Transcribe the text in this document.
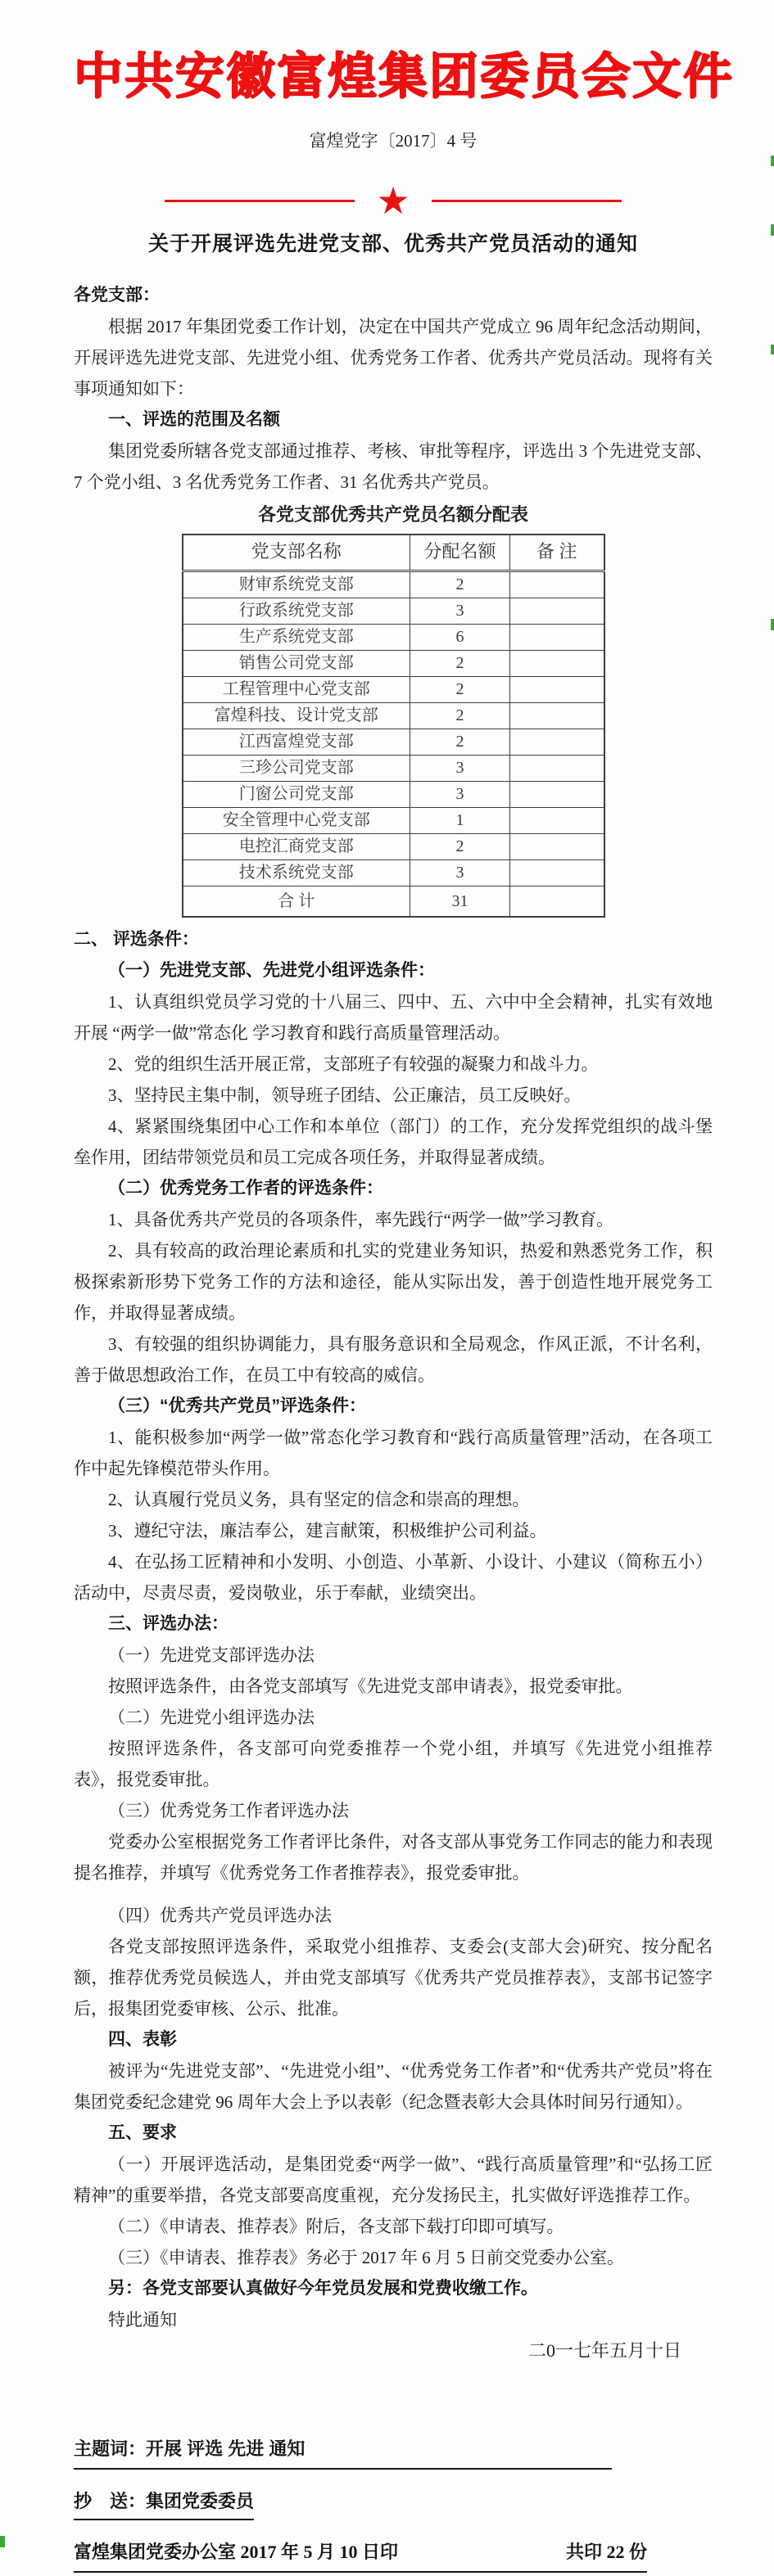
中共安徽富煌集团委员会文件
富煌党字〔2017〕4 号
★
关于开展评选先进党支部、优秀共产党员活动的通知

各党支部：

根据 2017 年集团党委工作计划，决定在中国共产党成立 96 周年纪念活动期间，开展评选先进党支部、先进党小组、优秀党务工作者、优秀共产党员活动。现将有关事项通知如下：

一、评选的范围及名额

集团党委所辖各党支部通过推荐、考核、审批等程序，评选出 3 个先进党支部、7 个党小组、3 名优秀党务工作者、31 名优秀共产党员。

各党支部优秀共产党员名额分配表
党支部名称	分配名额	备 注
财审系统党支部	2	
行政系统党支部	3	
生产系统党支部	6	
销售公司党支部	2	
工程管理中心党支部	2	
富煌科技、设计党支部	2	
江西富煌党支部	2	
三珍公司党支部	3	
门窗公司党支部	3	
安全管理中心党支部	1	
电控汇商党支部	2	
技术系统党支部	3	
合 计	31	

二、 评选条件：

（一）先进党支部、先进党小组评选条件：

1、认真组织党员学习党的十八届三、四中、五、六中中全会精神，扎实有效地开展 “两学一做”常态化 学习教育和践行高质量管理活动。

2、党的组织生活开展正常，支部班子有较强的凝聚力和战斗力。

3、坚持民主集中制，领导班子团结、公正廉洁，员工反映好。

4、紧紧围绕集团中心工作和本单位（部门）的工作，充分发挥党组织的战斗堡垒作用，团结带领党员和员工完成各项任务，并取得显著成绩。

（二）优秀党务工作者的评选条件：

1、具备优秀共产党员的各项条件，率先践行“两学一做”学习教育。

2、具有较高的政治理论素质和扎实的党建业务知识，热爱和熟悉党务工作，积极探索新形势下党务工作的方法和途径，能从实际出发，善于创造性地开展党务工作，并取得显著成绩。

3、有较强的组织协调能力，具有服务意识和全局观念，作风正派，不计名利，善于做思想政治工作，在员工中有较高的威信。

（三）“优秀共产党员”评选条件：

1、能积极参加“两学一做”常态化学习教育和“践行高质量管理”活动，在各项工作中起先锋模范带头作用。

2、认真履行党员义务，具有坚定的信念和崇高的理想。

3、遵纪守法，廉洁奉公，建言献策，积极维护公司利益。

4、在弘扬工匠精神和小发明、小创造、小革新、小设计、小建议（简称五小）活动中，尽责尽责，爱岗敬业，乐于奉献，业绩突出。

三、评选办法：

（一）先进党支部评选办法

按照评选条件，由各党支部填写《先进党支部申请表》，报党委审批。

（二）先进党小组评选办法

按照评选条件，各支部可向党委推荐一个党小组，并填写《先进党小组推荐表》，报党委审批。

（三）优秀党务工作者评选办法

党委办公室根据党务工作者评比条件，对各支部从事党务工作同志的能力和表现提名推荐，并填写《优秀党务工作者推荐表》，报党委审批。

（四）优秀共产党员评选办法

各党支部按照评选条件，采取党小组推荐、支委会(支部大会)研究、按分配名额，推荐优秀党员候选人，并由党支部填写《优秀共产党员推荐表》，支部书记签字后，报集团党委审核、公示、批准。

四、表彰

被评为“先进党支部”、“先进党小组”、“优秀党务工作者”和“优秀共产党员”将在集团党委纪念建党 96 周年大会上予以表彰（纪念暨表彰大会具体时间另行通知）。

五、要求

（一）开展评选活动，是集团党委“两学一做”、“践行高质量管理”和“弘扬工匠精神”的重要举措，各党支部要高度重视，充分发扬民主，扎实做好评选推荐工作。

（二）《申请表、推荐表》附后，各支部下载打印即可填写。

（三）《申请表、推荐表》务必于 2017 年 6 月 5 日前交党委办公室。

另：各党支部要认真做好今年党员发展和党费收缴工作。

特此通知

二0一七年五月十日

主题词：开展 评选 先进 通知
抄　送：集团党委委员
富煌集团党委办公室 2017 年 5 月 10 日印	共印 22 份
